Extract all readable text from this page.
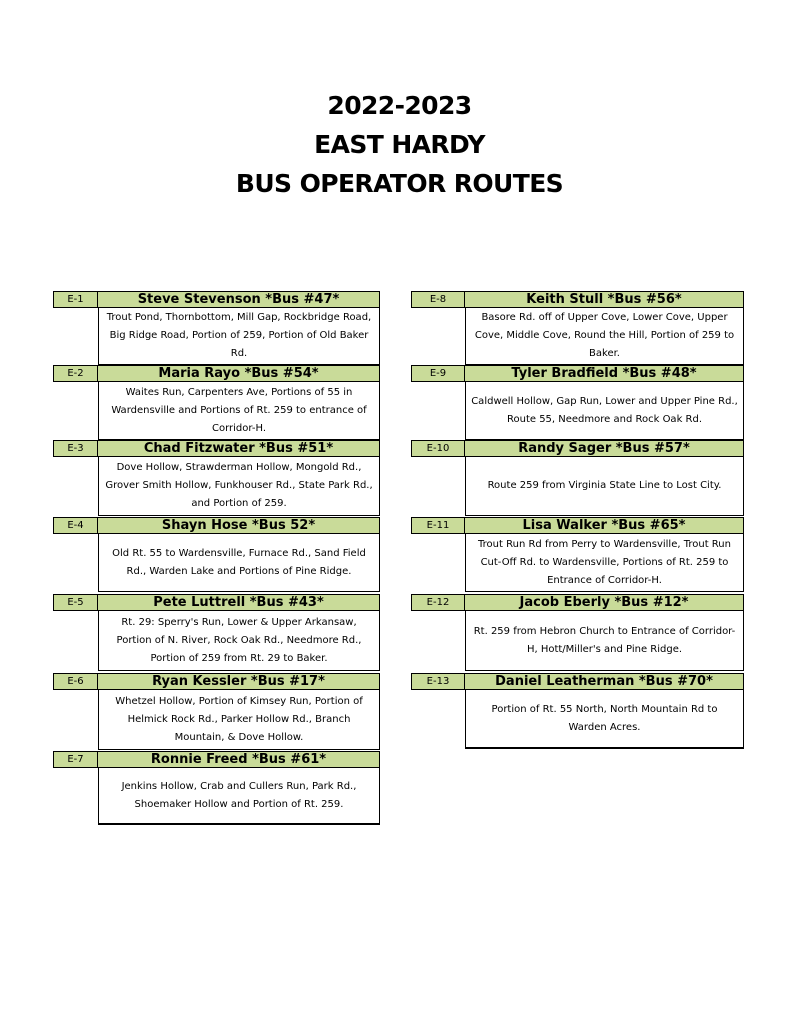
2022-2023
EAST HARDY
BUS OPERATOR ROUTES
E-1	Steve Stevenson *Bus #47*
Trout Pond, Thornbottom, Mill Gap, Rockbridge Road, Big Ridge Road, Portion of 259, Portion of Old Baker Rd.
E-2	Maria Rayo *Bus #54*
Waites Run, Carpenters Ave, Portions of 55 in Wardensville and Portions of Rt. 259 to entrance of Corridor-H.
E-3	Chad Fitzwater *Bus #51*
Dove Hollow, Strawderman Hollow, Mongold Rd., Grover Smith Hollow, Funkhouser Rd., State Park Rd., and Portion of 259.
E-4	Shayn Hose *Bus 52*
Old Rt. 55 to Wardensville, Furnace Rd., Sand Field Rd., Warden Lake and Portions of Pine Ridge.
E-5	Pete Luttrell *Bus #43*
Rt. 29: Sperry's Run, Lower & Upper Arkansaw, Portion of N. River, Rock Oak Rd., Needmore Rd., Portion of 259 from Rt. 29 to Baker.
E-6	Ryan Kessler *Bus #17*
Whetzel Hollow, Portion of Kimsey Run, Portion of Helmick Rock Rd., Parker Hollow Rd., Branch Mountain, & Dove Hollow.
E-7	Ronnie Freed *Bus #61*
Jenkins Hollow, Crab and Cullers Run, Park Rd., Shoemaker Hollow and Portion of Rt. 259.
E-8	Keith Stull *Bus #56*
Basore Rd. off of Upper Cove, Lower Cove, Upper Cove, Middle Cove, Round the Hill, Portion of 259 to Baker.
E-9	Tyler Bradfield *Bus #48*
Caldwell Hollow, Gap Run, Lower and Upper Pine Rd., Route 55, Needmore and Rock Oak Rd.
E-10	Randy Sager *Bus #57*
Route 259 from Virginia State Line to Lost City.
E-11	Lisa Walker *Bus #65*
Trout Run Rd from Perry to Wardensville, Trout Run Cut-Off Rd. to Wardensville, Portions of Rt. 259 to Entrance of Corridor-H.
E-12	Jacob Eberly *Bus #12*
Rt. 259 from Hebron Church to Entrance of Corridor-H, Hott/Miller's and Pine Ridge.
E-13	Daniel Leatherman *Bus #70*
Portion of Rt. 55 North, North Mountain Rd to Warden Acres.
